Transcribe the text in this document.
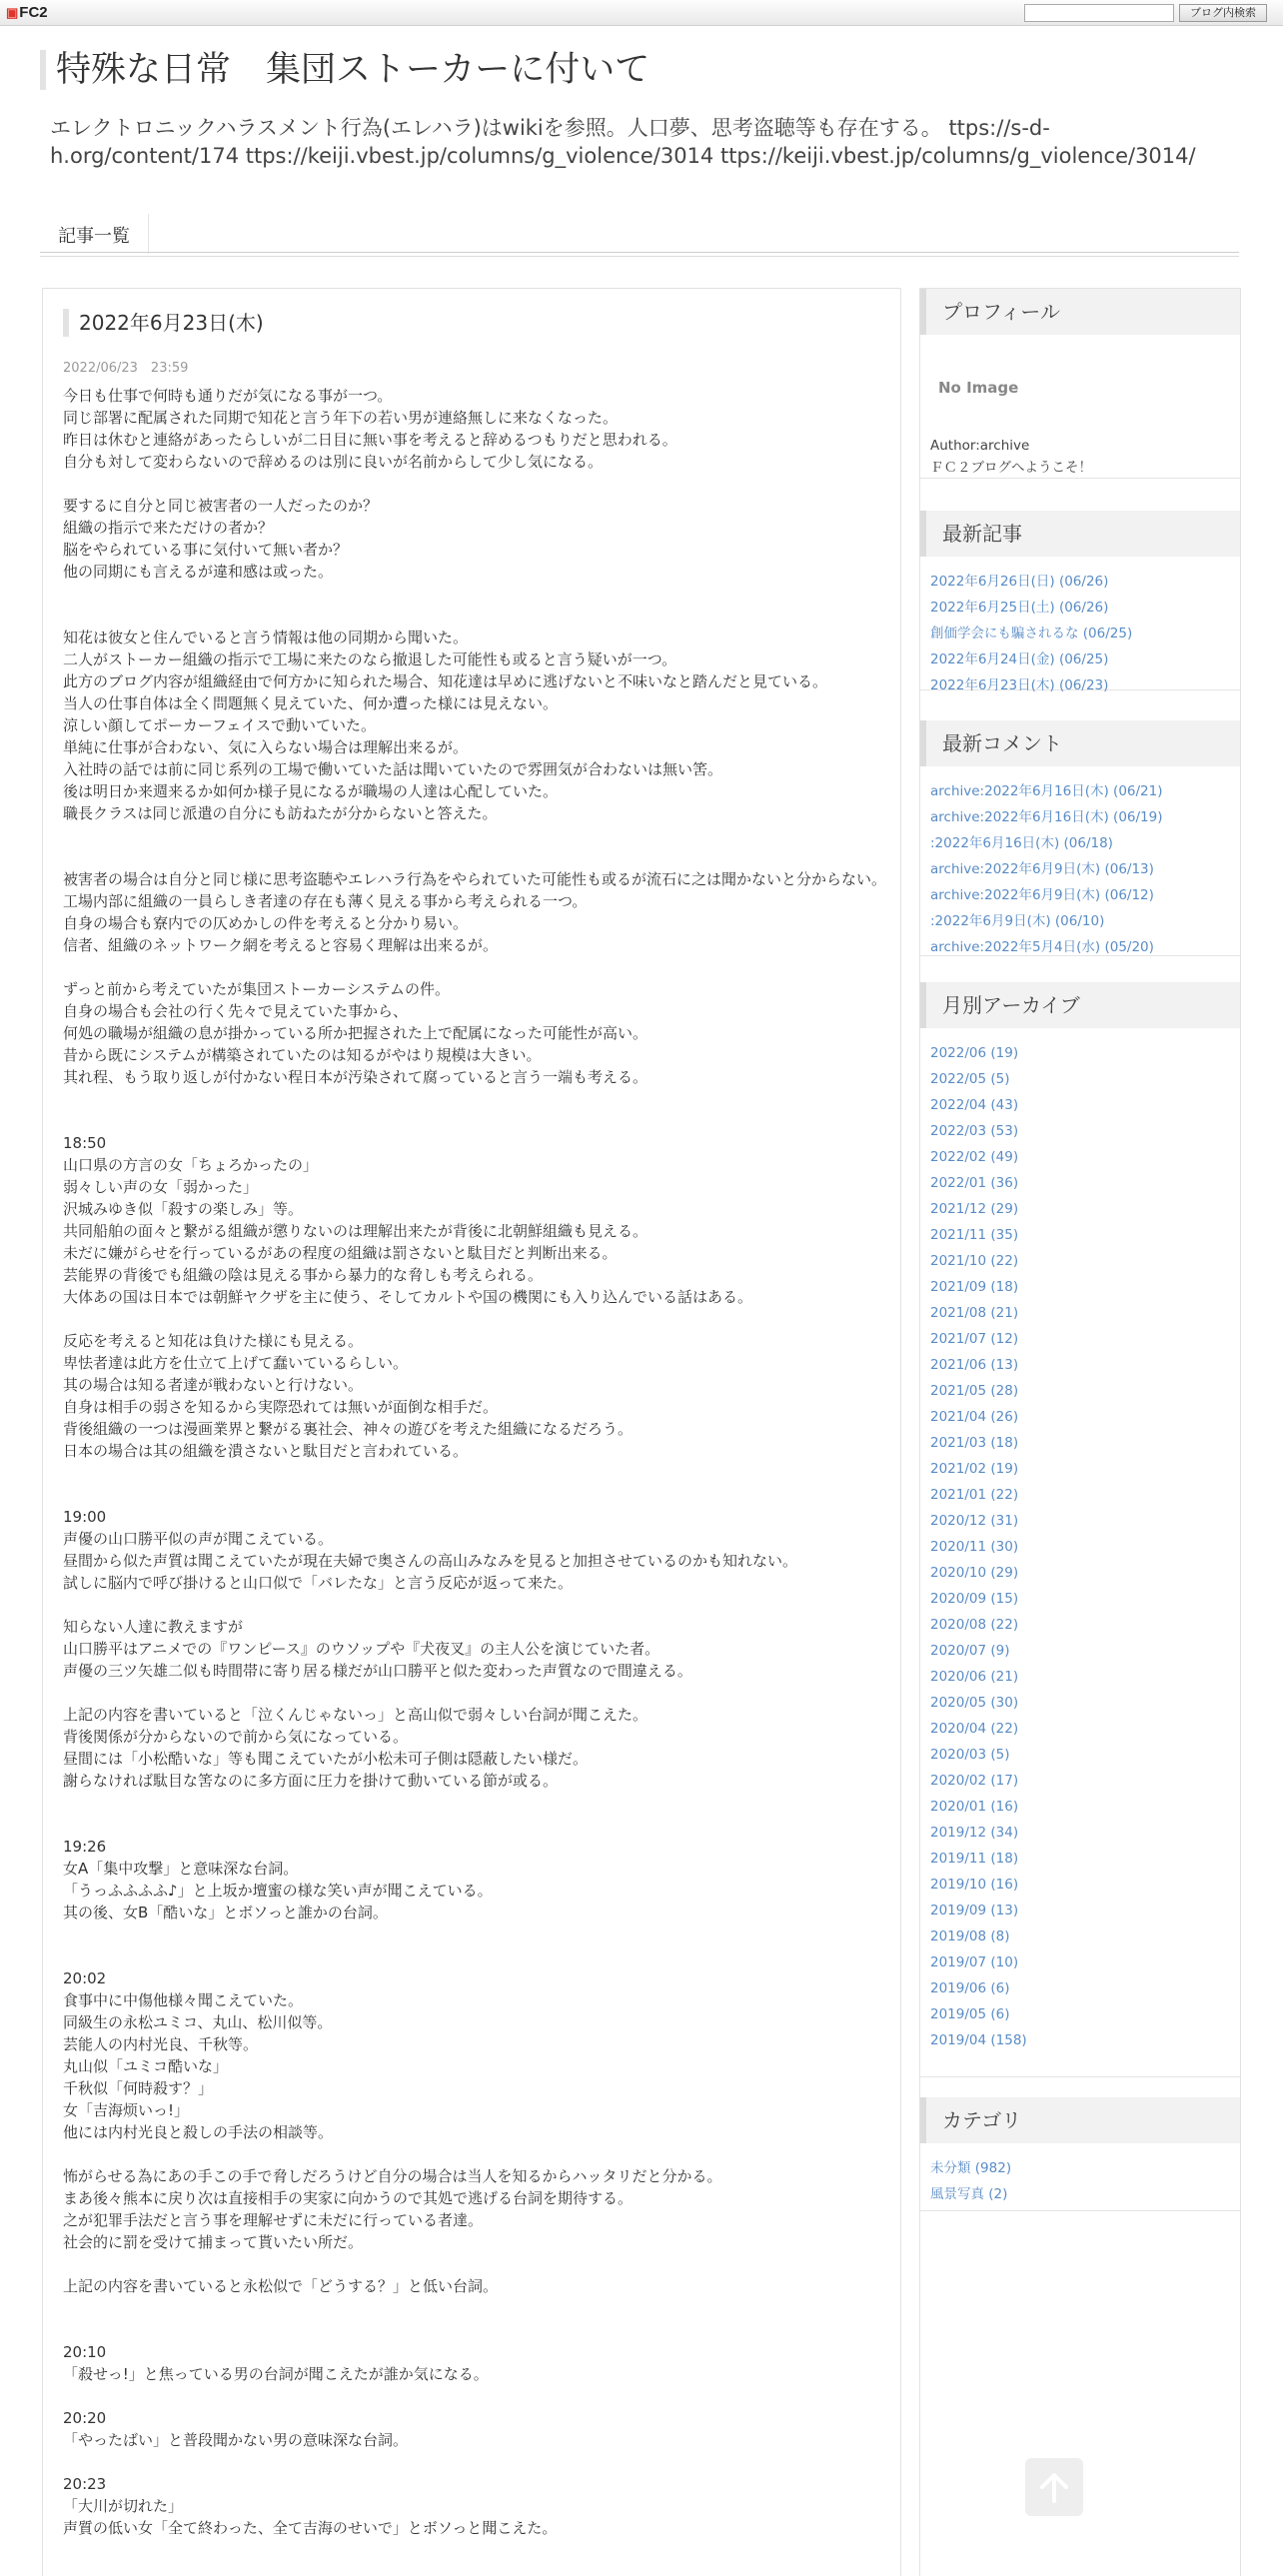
▣FC2	ブログ内検索
特殊な日常　集団ストーカーに付いて
エレクトロニックハラスメント行為(エレハラ)はwikiを参照。人口夢、思考盗聴等も存在する。 ttps://s-d-h.org/content/174 ttps://keiji.vbest.jp/columns/g_violence/3014 ttps://keiji.vbest.jp/columns/g_violence/3014/
記事一覧
2022年6月23日(木)
2022/06/23　23:59
今日も仕事で何時も通りだが気になる事が一つ。
同じ部署に配属された同期で知花と言う年下の若い男が連絡無しに来なくなった。
昨日は休むと連絡があったらしいが二日目に無い事を考えると辞めるつもりだと思われる。
自分も対して変わらないので辞めるのは別に良いが名前からして少し気になる。
要するに自分と同じ被害者の一人だったのか？
組織の指示で来ただけの者か？
脳をやられている事に気付いて無い者か？
他の同期にも言えるが違和感は或った。
知花は彼女と住んでいると言う情報は他の同期から聞いた。
二人がストーカー組織の指示で工場に来たのなら撤退した可能性も或ると言う疑いが一つ。
此方のブログ内容が組織経由で何方かに知られた場合、知花達は早めに逃げないと不味いなと踏んだと見ている。
当人の仕事自体は全く問題無く見えていた、何か遭った様には見えない。
涼しい顔してポーカーフェイスで動いていた。
単純に仕事が合わない、気に入らない場合は理解出来るが。
入社時の話では前に同じ系列の工場で働いていた話は聞いていたので雰囲気が合わないは無い筈。
後は明日か来週来るか如何か様子見になるが職場の人達は心配していた。
職長クラスは同じ派遣の自分にも訪ねたが分からないと答えた。
被害者の場合は自分と同じ様に思考盗聴やエレハラ行為をやられていた可能性も或るが流石に之は聞かないと分からない。
工場内部に組織の一員らしき者達の存在も薄く見える事から考えられる一つ。
自身の場合も寮内での仄めかしの件を考えると分かり易い。
信者、組織のネットワーク網を考えると容易く理解は出来るが。
ずっと前から考えていたが集団ストーカーシステムの件。
自身の場合も会社の行く先々で見えていた事から、
何処の職場が組織の息が掛かっている所か把握された上で配属になった可能性が高い。
昔から既にシステムが構築されていたのは知るがやはり規模は大きい。
其れ程、もう取り返しが付かない程日本が汚染されて腐っていると言う一端も考える。
18:50
山口県の方言の女「ちょろかったの」
弱々しい声の女「弱かった」
沢城みゆき似「殺すの楽しみ」等。
共同船舶の面々と繋がる組織が懲りないのは理解出来たが背後に北朝鮮組織も見える。
未だに嫌がらせを行っているがあの程度の組織は罰さないと駄目だと判断出来る。
芸能界の背後でも組織の陰は見える事から暴力的な脅しも考えられる。
大体あの国は日本では朝鮮ヤクザを主に使う、そしてカルトや国の機関にも入り込んでいる話はある。
反応を考えると知花は負けた様にも見える。
卑怯者達は此方を仕立て上げて蠢いているらしい。
其の場合は知る者達が戦わないと行けない。
自身は相手の弱さを知るから実際恐れては無いが面倒な相手だ。
背後組織の一つは漫画業界と繋がる裏社会、神々の遊びを考えた組織になるだろう。
日本の場合は其の組織を潰さないと駄目だと言われている。
19:00
声優の山口勝平似の声が聞こえている。
昼間から似た声質は聞こえていたが現在夫婦で奥さんの高山みなみを見ると加担させているのかも知れない。
試しに脳内で呼び掛けると山口似で「バレたな」と言う反応が返って来た。
知らない人達に教えますが
山口勝平はアニメでの『ワンピース』のウソップや『犬夜叉』の主人公を演じていた者。
声優の三ツ矢雄二似も時間帯に寄り居る様だが山口勝平と似た変わった声質なので間違える。
上記の内容を書いていると「泣くんじゃないっ」と高山似で弱々しい台詞が聞こえた。
背後関係が分からないので前から気になっている。
昼間には「小松酷いな」等も聞こえていたが小松未可子側は隠蔽したい様だ。
謝らなければ駄目な筈なのに多方面に圧力を掛けて動いている節が或る。
19:26
女A「集中攻撃」と意味深な台詞。
「うっふふふふ♪」と上坂か壇蜜の様な笑い声が聞こえている。
其の後、女B「酷いな」とボソっと誰かの台詞。
20:02
食事中に中傷他様々聞こえていた。
同級生の永松ユミコ、丸山、松川似等。
芸能人の内村光良、千秋等。
丸山似「ユミコ酷いな」
千秋似「何時殺す？」
女「吉海烦いっ!」
他には内村光良と殺しの手法の相談等。
怖がらせる為にあの手この手で脅しだろうけど自分の場合は当人を知るからハッタリだと分かる。
まあ後々熊本に戻り次は直接相手の実家に向かうので其処で逃げる台詞を期待する。
之が犯罪手法だと言う事を理解せずに未だに行っている者達。
社会的に罰を受けて捕まって貰いたい所だ。
上記の内容を書いていると永松似で「どうする？」と低い台詞。
20:10
「殺せっ!」と焦っている男の台詞が聞こえたが誰か気になる。
20:20
「やったばい」と普段聞かない男の意味深な台詞。
20:23
「大川が切れた」
声質の低い女「全て終わった、全て吉海のせいで」とボソっと聞こえた。
プロフィール
No Image
Author:archive
ＦＣ２ブログへようこそ！
最新記事
2022年6月26日(日) (06/26)
2022年6月25日(土) (06/26)
創価学会にも騙されるな (06/25)
2022年6月24日(金) (06/25)
2022年6月23日(木) (06/23)
最新コメント
archive:2022年6月16日(木) (06/21)
archive:2022年6月16日(木) (06/19)
:2022年6月16日(木) (06/18)
archive:2022年6月9日(木) (06/13)
archive:2022年6月9日(木) (06/12)
:2022年6月9日(木) (06/10)
archive:2022年5月4日(水) (05/20)
月別アーカイブ
2022/06 (19)
2022/05 (5)
2022/04 (43)
2022/03 (53)
2022/02 (49)
2022/01 (36)
2021/12 (29)
2021/11 (35)
2021/10 (22)
2021/09 (18)
2021/08 (21)
2021/07 (12)
2021/06 (13)
2021/05 (28)
2021/04 (26)
2021/03 (18)
2021/02 (19)
2021/01 (22)
2020/12 (31)
2020/11 (30)
2020/10 (29)
2020/09 (15)
2020/08 (22)
2020/07 (9)
2020/06 (21)
2020/05 (30)
2020/04 (22)
2020/03 (5)
2020/02 (17)
2020/01 (16)
2019/12 (34)
2019/11 (18)
2019/10 (16)
2019/09 (13)
2019/08 (8)
2019/07 (10)
2019/06 (6)
2019/05 (6)
2019/04 (158)
カテゴリ
未分類 (982)
風景写真 (2)
